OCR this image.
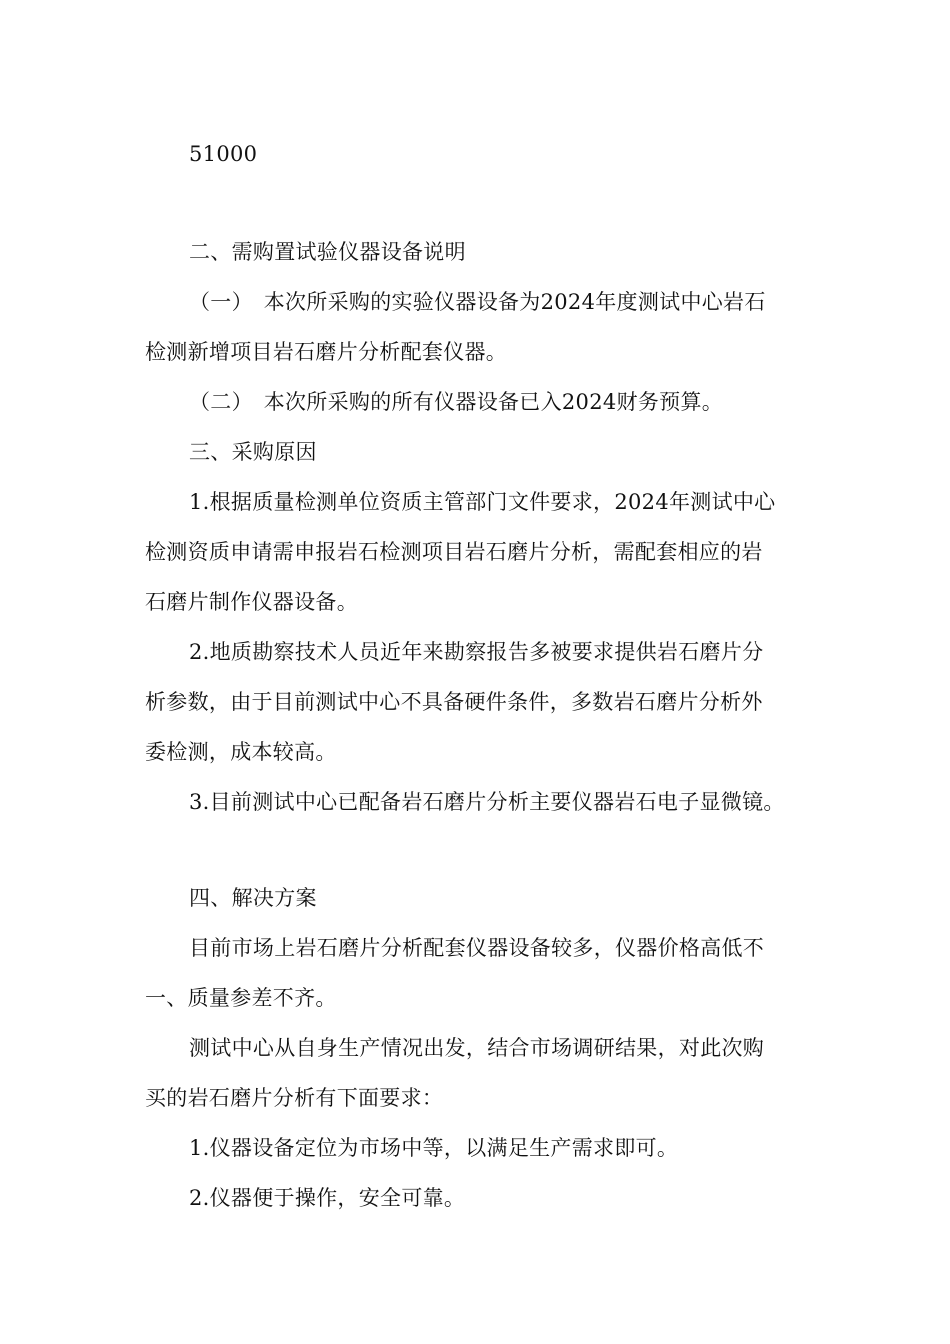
51000
二、需购置试验仪器设备说明
（一）　本次所采购的实验仪器设备为2024年度测试中心岩石
检测新增项目岩石磨片分析配套仪器。
（二）　本次所采购的所有仪器设备已入2024财务预算。
三、采购原因
1.根据质量检测单位资质主管部门文件要求，2024年测试中心
检测资质申请需申报岩石检测项目岩石磨片分析，需配套相应的岩
石磨片制作仪器设备。
2.地质勘察技术人员近年来勘察报告多被要求提供岩石磨片分
析参数，由于目前测试中心不具备硬件条件，多数岩石磨片分析外
委检测，成本较高。
3.目前测试中心已配备岩石磨片分析主要仪器岩石电子显微镜。
四、解决方案
目前市场上岩石磨片分析配套仪器设备较多，仪器价格高低不
一、质量参差不齐。
测试中心从自身生产情况出发，结合市场调研结果，对此次购
买的岩石磨片分析有下面要求：
1.仪器设备定位为市场中等，以满足生产需求即可。
2.仪器便于操作，安全可靠。
